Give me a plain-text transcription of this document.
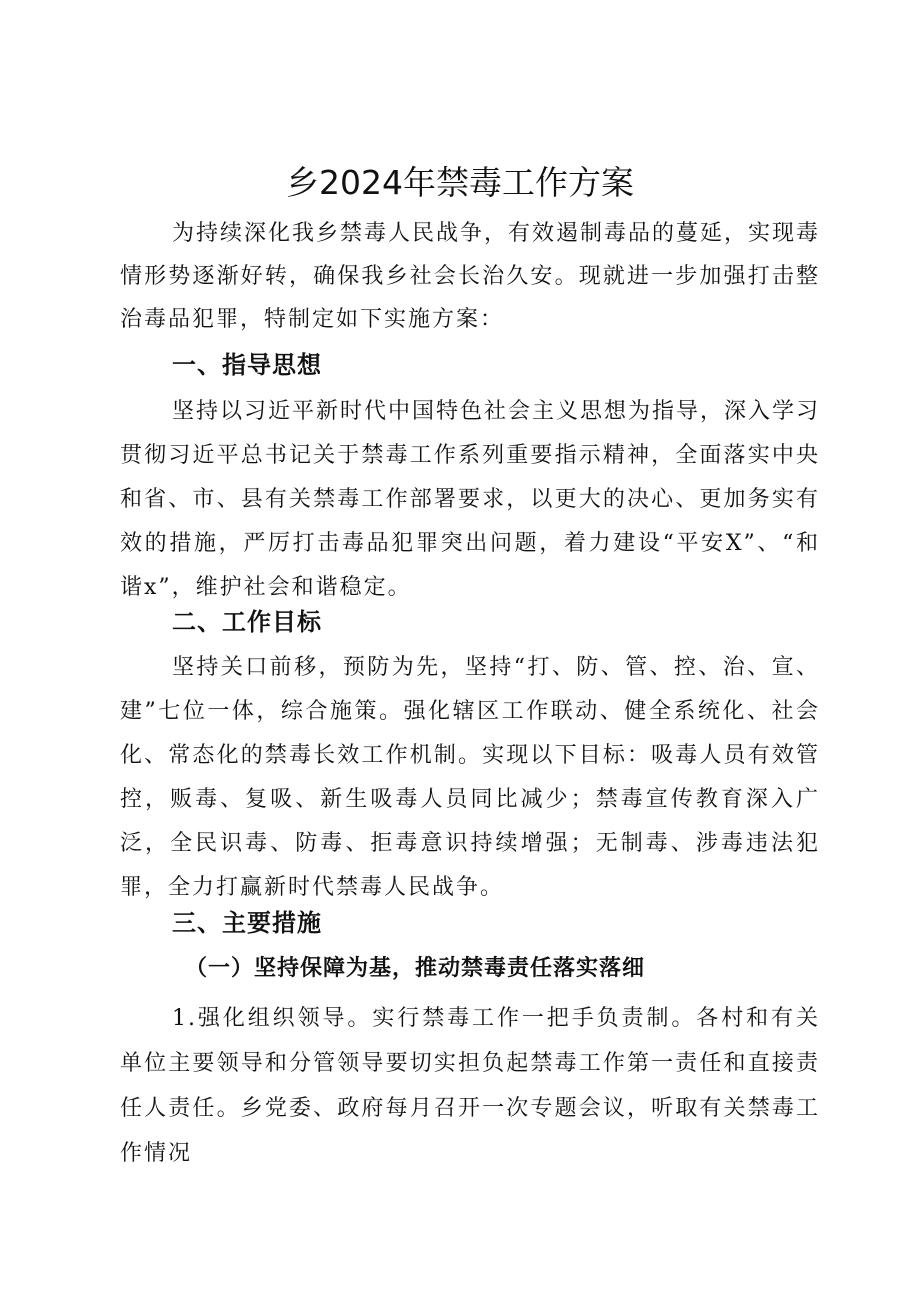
乡2024年禁毒工作方案

为持续深化我乡禁毒人民战争，有效遏制毒品的蔓延，实现毒情形势逐渐好转，确保我乡社会长治久安。现就进一步加强打击整治毒品犯罪，特制定如下实施方案：

一、指导思想

坚持以习近平新时代中国特色社会主义思想为指导，深入学习贯彻习近平总书记关于禁毒工作系列重要指示精神，全面落实中央和省、市、县有关禁毒工作部署要求，以更大的决心、更加务实有效的措施，严厉打击毒品犯罪突出问题，着力建设“平安X”、“和谐x”，维护社会和谐稳定。

二、工作目标

坚持关口前移，预防为先，坚持“打、防、管、控、治、宣、建”七位一体，综合施策。强化辖区工作联动、健全系统化、社会化、常态化的禁毒长效工作机制。实现以下目标：吸毒人员有效管控，贩毒、复吸、新生吸毒人员同比减少；禁毒宣传教育深入广泛，全民识毒、防毒、拒毒意识持续增强；无制毒、涉毒违法犯罪，全力打赢新时代禁毒人民战争。

三、主要措施
（一）坚持保障为基，推动禁毒责任落实落细

1.强化组织领导。实行禁毒工作一把手负责制。各村和有关单位主要领导和分管领导要切实担负起禁毒工作第一责任和直接责任人责任。乡党委、政府每月召开一次专题会议，听取有关禁毒工作情况
